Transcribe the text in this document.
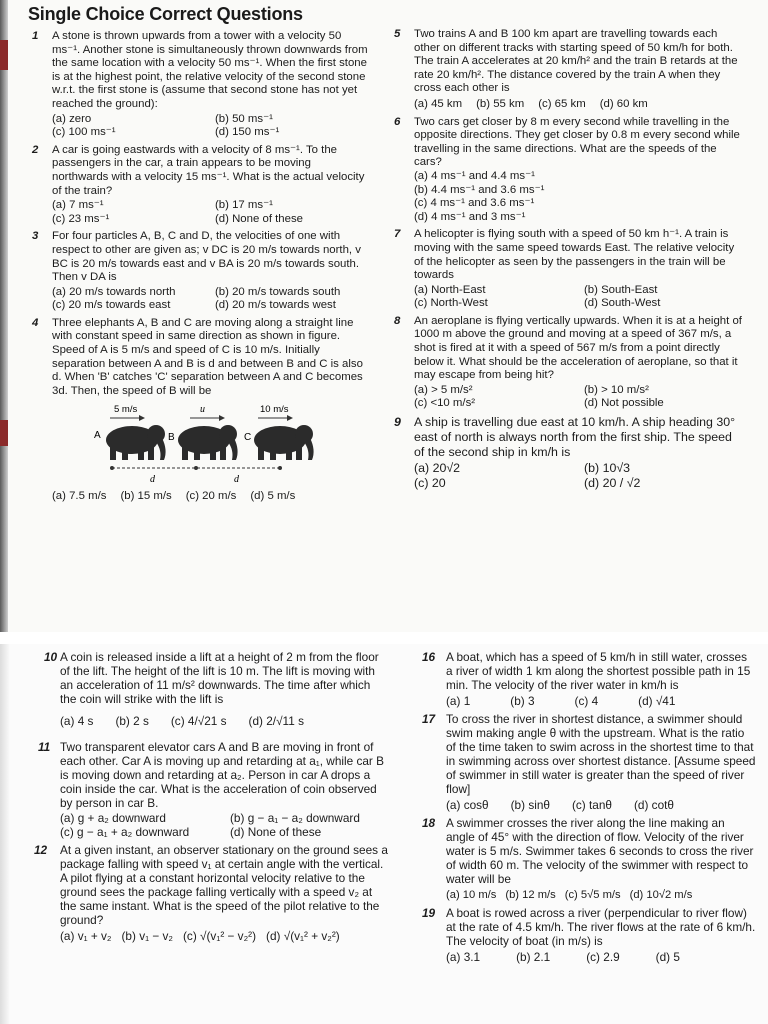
Single Choice Correct Questions
1 A stone is thrown upwards from a tower with a velocity 50 ms⁻¹. Another stone is simultaneously thrown downwards from the same location with a velocity 50 ms⁻¹. When the first stone is at the highest point, the relative velocity of the second stone w.r.t. the first stone is (assume that second stone has not yet reached the ground):
(a) zero	(b) 50 ms⁻¹
(c) 100 ms⁻¹	(d) 150 ms⁻¹
2 A car is going eastwards with a velocity of 8 ms⁻¹. To the passengers in the car, a train appears to be moving northwards with a velocity 15 ms⁻¹. What is the actual velocity of the train?
(a) 7 ms⁻¹	(b) 17 ms⁻¹
(c) 23 ms⁻¹	(d) None of these
3 For four particles A, B, C and D, the velocities of one with respect to other are given as; v DC is 20 m/s towards north, v BC is 20 m/s towards east and v BA is 20 m/s towards south. Then v DA is
(a) 20 m/s towards north	(b) 20 m/s towards south
(c) 20 m/s towards east	(d) 20 m/s towards west
4 Three elephants A, B and C are moving along a straight line with constant speed in same direction as shown in figure. Speed of A is 5 m/s and speed of C is 10 m/s. Initially separation between A and B is d and between B and C is also d. When 'B' catches 'C' separation between A and C becomes 3d. Then, the speed of B will be
5 m/s	u	10 m/s
A	B	C
d	d
(a) 7.5 m/s (b) 15 m/s (c) 20 m/s (d) 5 m/s
5 Two trains A and B 100 km apart are travelling towards each other on different tracks with starting speed of 50 km/h for both. The train A accelerates at 20 km/h² and the train B retards at the rate 20 km/h². The distance covered by the train A when they cross each other is
(a) 45 km (b) 55 km (c) 65 km (d) 60 km
6 Two cars get closer by 8 m every second while travelling in the opposite directions. They get closer by 0.8 m every second while travelling in the same directions. What are the speeds of the cars?
(a) 4 ms⁻¹ and 4.4 ms⁻¹
(b) 4.4 ms⁻¹ and 3.6 ms⁻¹
(c) 4 ms⁻¹ and 3.6 ms⁻¹
(d) 4 ms⁻¹ and 3 ms⁻¹
7 A helicopter is flying south with a speed of 50 km h⁻¹. A train is moving with the same speed towards East. The relative velocity of the helicopter as seen by the passengers in the train will be towards
(a) North-East	(b) South-East
(c) North-West	(d) South-West
8 An aeroplane is flying vertically upwards. When it is at a height of 1000 m above the ground and moving at a speed of 367 m/s, a shot is fired at it with a speed of 567 m/s from a point directly below it. What should be the acceleration of aeroplane, so that it may escape from being hit?
(a) > 5 m/s²	(b) > 10 m/s²
(c) <10 m/s²	(d) Not possible
9 A ship is travelling due east at 10 km/h. A ship heading 30° east of north is always north from the first ship. The speed of the second ship in km/h is
(a) 20√2	(b) 10√3
(c) 20	(d) 20 / √2
10 A coin is released inside a lift at a height of 2 m from the floor of the lift. The height of the lift is 10 m. The lift is moving with an acceleration of 11 m/s² downwards. The time after which the coin will strike with the lift is
(a) 4 s (b) 2 s (c) 4/√21 s (d) 2/√11 s
11 Two transparent elevator cars A and B are moving in front of each other. Car A is moving up and retarding at a₁, while car B is moving down and retarding at a₂. Person in car A drops a coin inside the car. What is the acceleration of coin observed by person in car B.
(a) g + a₂ downward	(b) g − a₁ − a₂ downward
(c) g − a₁ + a₂ downward	(d) None of these
12 At a given instant, an observer stationary on the ground sees a package falling with speed v₁ at certain angle with the vertical. A pilot flying at a constant horizontal velocity relative to the ground sees the package falling vertically with a speed v₂ at the same instant. What is the speed of the pilot relative to the ground?
(a) v₁ + v₂ (b) v₁ − v₂ (c) √(v₁² − v₂²) (d) √(v₁² + v₂²)
16 A boat, which has a speed of 5 km/h in still water, crosses a river of width 1 km along the shortest possible path in 15 min. The velocity of the river water in km/h is
(a) 1	(b) 3	(c) 4	(d) √41
17 To cross the river in shortest distance, a swimmer should swim making angle θ with the upstream. What is the ratio of the time taken to swim across in the shortest time to that in swimming across over shortest distance. [Assume speed of swimmer in still water is greater than the speed of river flow]
(a) cosθ (b) sinθ (c) tanθ (d) cotθ
18 A swimmer crosses the river along the line making an angle of 45° with the direction of flow. Velocity of the river water is 5 m/s. Swimmer takes 6 seconds to cross the river of width 60 m. The velocity of the swimmer with respect to water will be
(a) 10 m/s (b) 12 m/s (c) 5√5 m/s (d) 10√2 m/s
19 A boat is rowed across a river (perpendicular to river flow) at the rate of 4.5 km/h. The river flows at the rate of 6 km/h. The velocity of boat (in m/s) is
(a) 3.1	(b) 2.1	(c) 2.9	(d) 5
